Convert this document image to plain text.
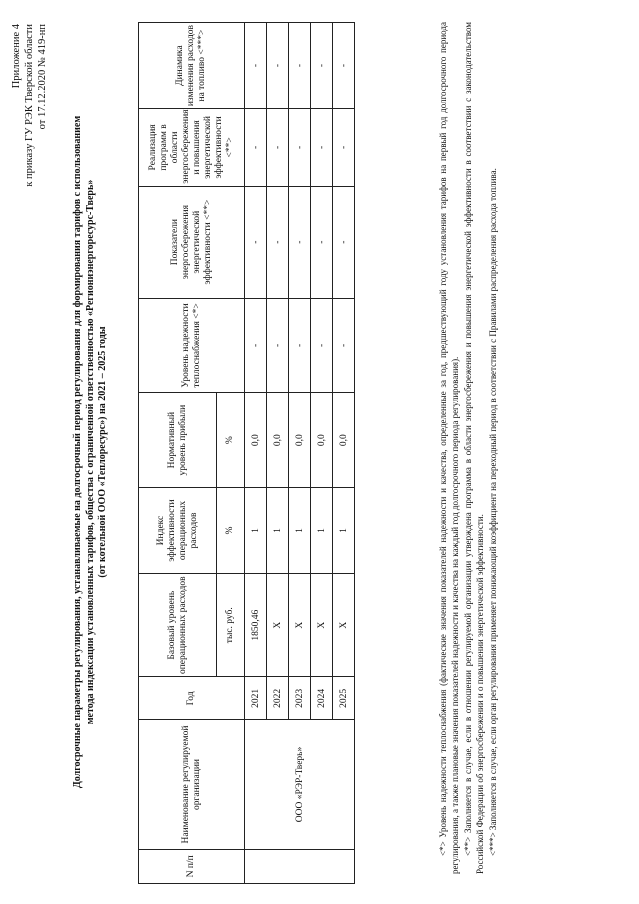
Приложение 4 к приказу ГУ РЭК Тверской области от 17.12.2020 № 419-нп
Долгосрочные параметры регулирования, устанавливаемые на долгосрочный период регулирования для формирования тарифов с использованием метода индексации установленных тарифов, общества с ограниченной ответственностью «Региониэнергоресурс-Тверь» (от котельной ООО «Теплоресурс») на 2021 – 2025 годы
N п/п	Наименование регулируемой организации	Год	Базовый уровень операционных расходов	Индекс эффективности операционных расходов	Нормативный уровень прибыли	Уровень надежности теплоснабжения <*>	Показатели энергосбережения энергетической эффективности <**>	Реализация программ в области энергосбережения и повышения энергетической эффективности <**>	Динамика изменения расходов на топливо <***>
			тыс. руб.	%	%				
	ООО «РЭР-Тверь»	2021	1850,46	1	0,0	-	-	-	-
		2022	X	1	0,0	-	-	-	-
		2023	X	1	0,0	-	-	-	-
		2024	X	1	0,0	-	-	-	-
		2025	X	1	0,0	-	-	-	-	<*> Уровень надежности теплоснабжения (фактические значения показателей надежности и качества, определенные за год, предшествующий году установления тарифов на первый год долгосрочного периода регулирования, а также плановые значения показателей надежности и качества на каждый год долгосрочного периода регулирования). <**> Заполняется в случае, если в отношении регулируемой организации утверждена программа в области энергосбережения и повышения энергетической эффективности в соответствии с законодательством Российской Федерации об энергосбережении и о повышении энергетической эффективности. <***> Заполняется в случае, если орган регулирования применяет понижающий коэффициент на переходный период в соответствии с Правилами распределения расхода топлива.
